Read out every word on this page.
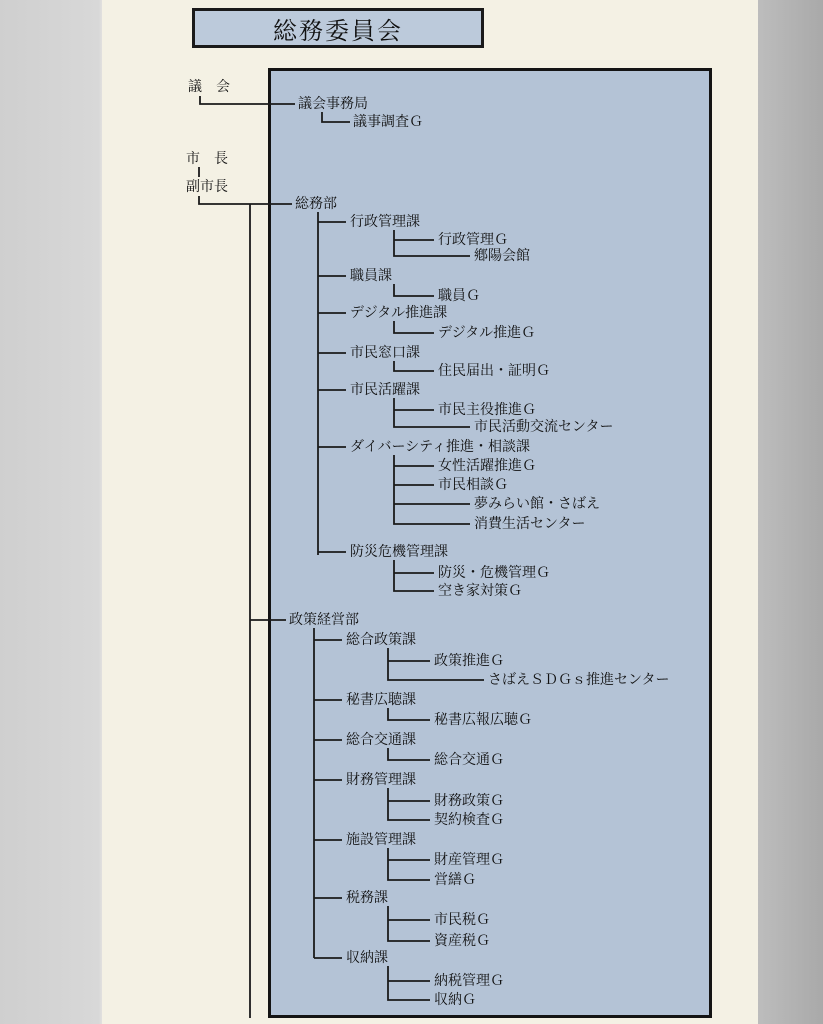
総務委員会
議　会
市　長
副市長
議会事務局
議事調査Ｇ
総務部
行政管理課
行政管理Ｇ
鄕陽会館
職員課
職員Ｇ
デジタル推進課
デジタル推進Ｇ
市民窓口課
住民届出・証明Ｇ
市民活躍課
市民主役推進Ｇ
市民活動交流センター
ダイバーシティ推進・相談課
女性活躍推進Ｇ
市民相談Ｇ
夢みらい館・さばえ
消費生活センター
防災危機管理課
防災・危機管理Ｇ
空き家対策Ｇ
政策経営部
総合政策課
政策推進Ｇ
さばえＳＤＧｓ推進センター
秘書広聴課
秘書広報広聴Ｇ
総合交通課
総合交通Ｇ
財務管理課
財務政策Ｇ
契約検査Ｇ
施設管理課
財産管理Ｇ
営繕Ｇ
税務課
市民税Ｇ
資産税Ｇ
収納課
納税管理Ｇ
収納Ｇ
